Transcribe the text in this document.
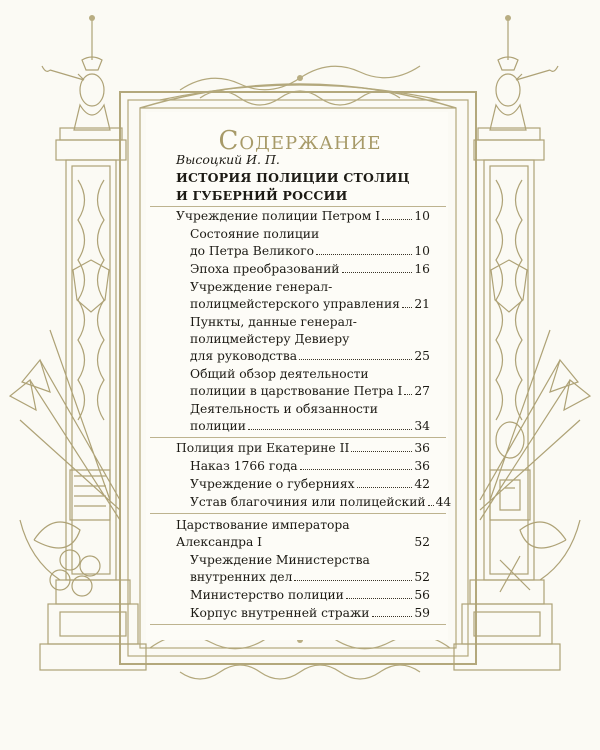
Содержание
Высоцкий И. П.
ИСТОРИЯ ПОЛИЦИИ СТОЛИЦ
И ГУБЕРНИЙ РОССИИ
Учреждение полиции Петром I	10
Состояние полиции
до Петра Великого	10
Эпоха преобразований	16
Учреждение генерал-
полицмейстерского управления 21
Пункты, данные генерал-
полицмейстеру Девиеру
для руководства	25
Общий обзор деятельности
полиции в царствование Петра I 27
Деятельность и обязанности
полиции	34
Полиция при Екатерине II	36
Наказ 1766 года	36
Учреждение о губерниях	42
Устав благочиния или полицейский 44
Царствование императора
Александра I	52
Учреждение Министерства
внутренних дел	52
Министерство полиции	56
Корпус внутренней стражи	59
